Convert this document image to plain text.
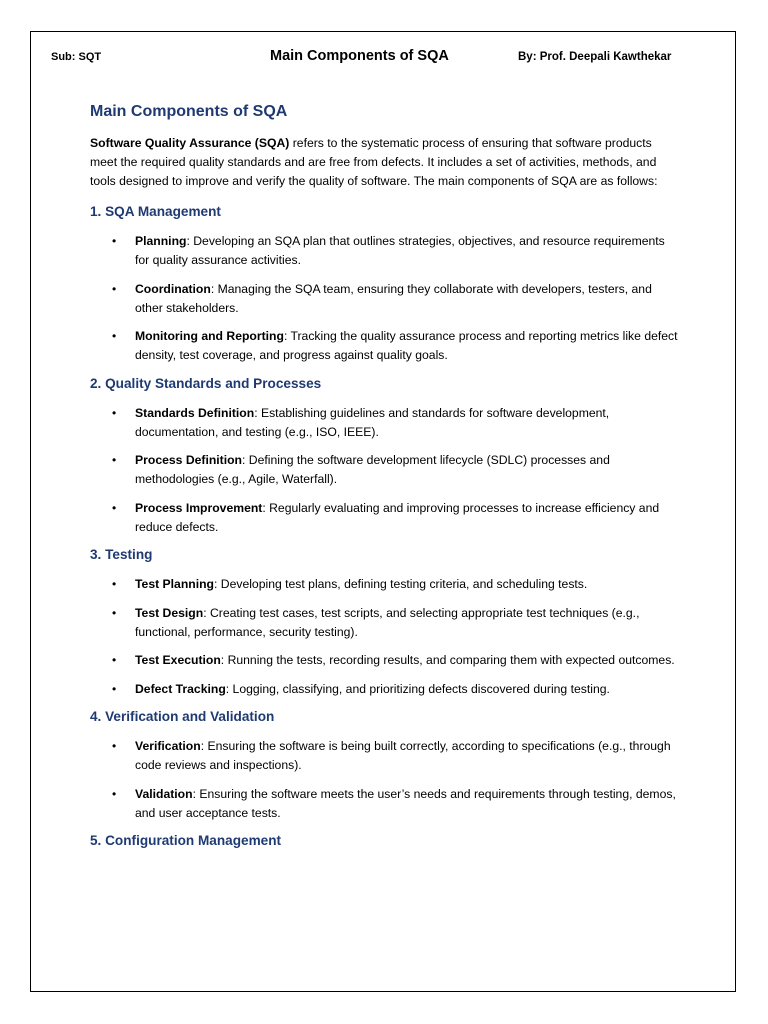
Sub: SQT	Main Components of SQA	By: Prof. Deepali Kawthekar
Main Components of SQA

Software Quality Assurance (SQA) refers to the systematic process of ensuring that software products meet the required quality standards and are free from defects. It includes a set of activities, methods, and tools designed to improve and verify the quality of software. The main components of SQA are as follows:

1. SQA Management
• Planning: Developing an SQA plan that outlines strategies, objectives, and resource requirements for quality assurance activities.
• Coordination: Managing the SQA team, ensuring they collaborate with developers, testers, and other stakeholders.
• Monitoring and Reporting: Tracking the quality assurance process and reporting metrics like defect density, test coverage, and progress against quality goals.
2. Quality Standards and Processes
• Standards Definition: Establishing guidelines and standards for software development, documentation, and testing (e.g., ISO, IEEE).
• Process Definition: Defining the software development lifecycle (SDLC) processes and methodologies (e.g., Agile, Waterfall).
• Process Improvement: Regularly evaluating and improving processes to increase efficiency and reduce defects.
3. Testing
• Test Planning: Developing test plans, defining testing criteria, and scheduling tests.
• Test Design: Creating test cases, test scripts, and selecting appropriate test techniques (e.g., functional, performance, security testing).
• Test Execution: Running the tests, recording results, and comparing them with expected outcomes.
• Defect Tracking: Logging, classifying, and prioritizing defects discovered during testing.
4. Verification and Validation
• Verification: Ensuring the software is being built correctly, according to specifications (e.g., through code reviews and inspections).
• Validation: Ensuring the software meets the user’s needs and requirements through testing, demos, and user acceptance tests.
5. Configuration Management
